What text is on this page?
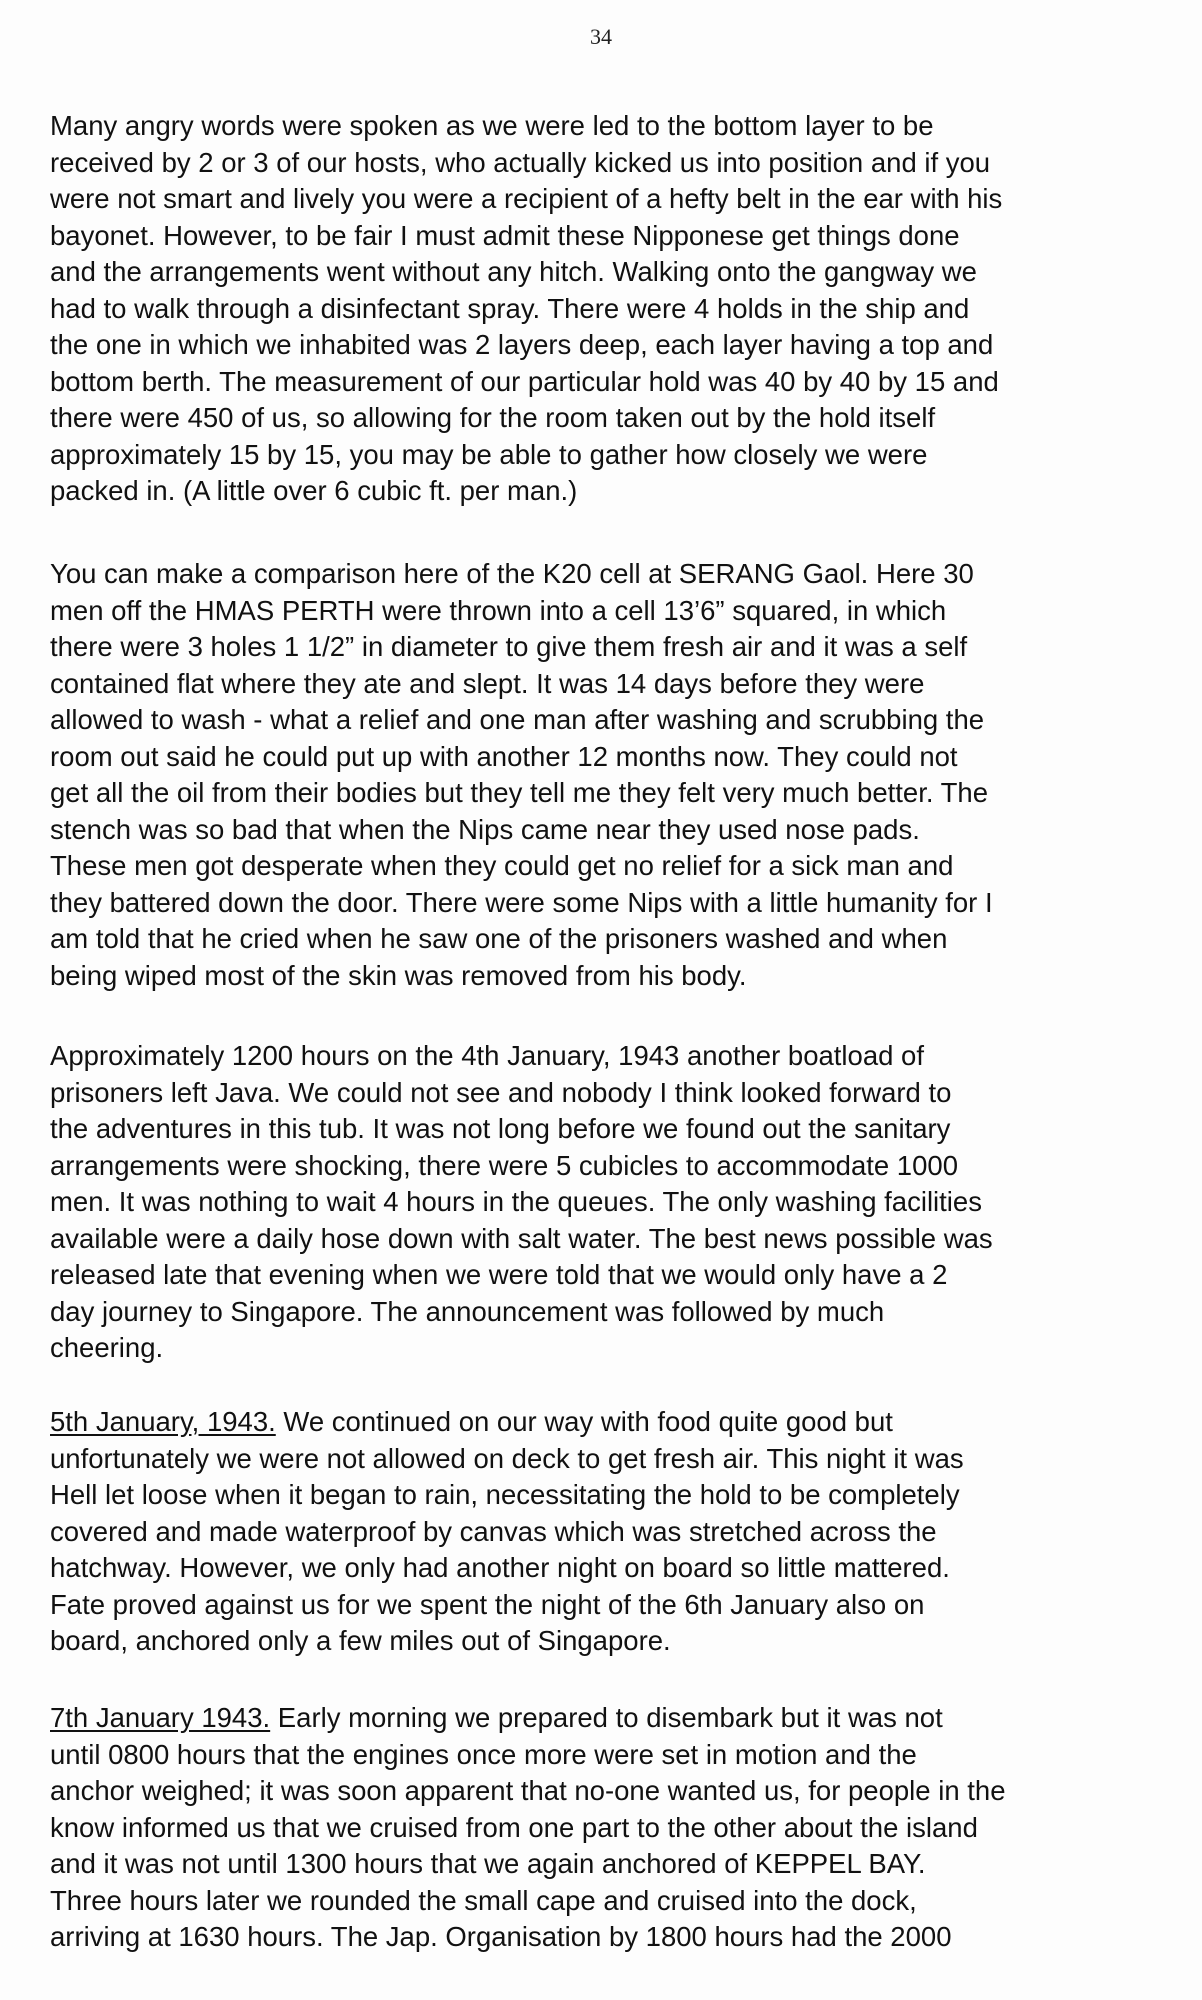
34
Many angry words were spoken as we were led to the bottom layer to be
received by 2 or 3 of our hosts, who actually kicked us into position and if you
were not smart and lively you were a recipient of a hefty belt in the ear with his
bayonet. However, to be fair I must admit these Nipponese get things done
and the arrangements went without any hitch. Walking onto the gangway we
had to walk through a disinfectant spray. There were 4 holds in the ship and
the one in which we inhabited was 2 layers deep, each layer having a top and
bottom berth. The measurement of our particular hold was 40 by 40 by 15 and
there were 450 of us, so allowing for the room taken out by the hold itself
approximately 15 by 15, you may be able to gather how closely we were
packed in. (A little over 6 cubic ft. per man.)
You can make a comparison here of the K20 cell at SERANG Gaol. Here 30
men off the HMAS PERTH were thrown into a cell 13’6” squared, in which
there were 3 holes 1 1/2” in diameter to give them fresh air and it was a self
contained flat where they ate and slept. It was 14 days before they were
allowed to wash - what a relief and one man after washing and scrubbing the
room out said he could put up with another 12 months now. They could not
get all the oil from their bodies but they tell me they felt very much better. The
stench was so bad that when the Nips came near they used nose pads.
These men got desperate when they could get no relief for a sick man and
they battered down the door. There were some Nips with a little humanity for I
am told that he cried when he saw one of the prisoners washed and when
being wiped most of the skin was removed from his body.
Approximately 1200 hours on the 4th January, 1943 another boatload of
prisoners left Java. We could not see and nobody I think looked forward to
the adventures in this tub. It was not long before we found out the sanitary
arrangements were shocking, there were 5 cubicles to accommodate 1000
men. It was nothing to wait 4 hours in the queues. The only washing facilities
available were a daily hose down with salt water. The best news possible was
released late that evening when we were told that we would only have a 2
day journey to Singapore. The announcement was followed by much
cheering.
5th January, 1943. We continued on our way with food quite good but
unfortunately we were not allowed on deck to get fresh air. This night it was
Hell let loose when it began to rain, necessitating the hold to be completely
covered and made waterproof by canvas which was stretched across the
hatchway. However, we only had another night on board so little mattered.
Fate proved against us for we spent the night of the 6th January also on
board, anchored only a few miles out of Singapore.
7th January 1943. Early morning we prepared to disembark but it was not
until 0800 hours that the engines once more were set in motion and the
anchor weighed; it was soon apparent that no-one wanted us, for people in the
know informed us that we cruised from one part to the other about the island
and it was not until 1300 hours that we again anchored of KEPPEL BAY.
Three hours later we rounded the small cape and cruised into the dock,
arriving at 1630 hours. The Jap. Organisation by 1800 hours had the 2000
